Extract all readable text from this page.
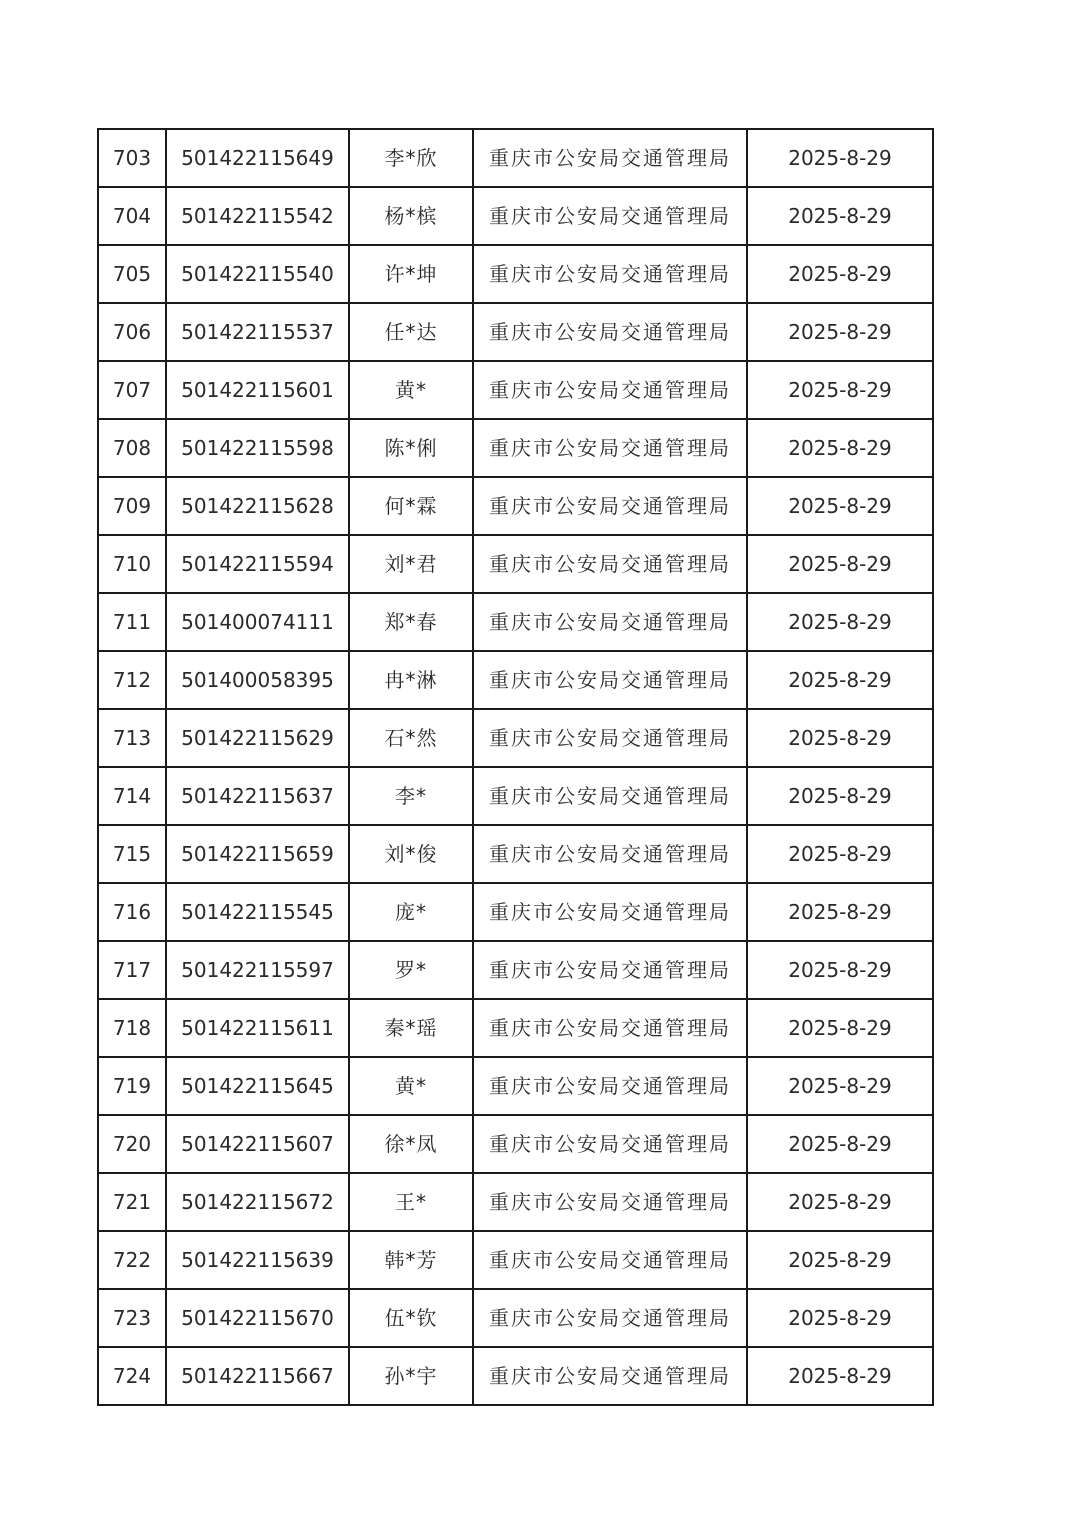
703	501422115649	李*欣	重庆市公安局交通管理局	2025-8-29
704	501422115542	杨*槟	重庆市公安局交通管理局	2025-8-29
705	501422115540	许*坤	重庆市公安局交通管理局	2025-8-29
706	501422115537	任*达	重庆市公安局交通管理局	2025-8-29
707	501422115601	黄*	重庆市公安局交通管理局	2025-8-29
708	501422115598	陈*俐	重庆市公安局交通管理局	2025-8-29
709	501422115628	何*霖	重庆市公安局交通管理局	2025-8-29
710	501422115594	刘*君	重庆市公安局交通管理局	2025-8-29
711	501400074111	郑*春	重庆市公安局交通管理局	2025-8-29
712	501400058395	冉*淋	重庆市公安局交通管理局	2025-8-29
713	501422115629	石*然	重庆市公安局交通管理局	2025-8-29
714	501422115637	李*	重庆市公安局交通管理局	2025-8-29
715	501422115659	刘*俊	重庆市公安局交通管理局	2025-8-29
716	501422115545	庞*	重庆市公安局交通管理局	2025-8-29
717	501422115597	罗*	重庆市公安局交通管理局	2025-8-29
718	501422115611	秦*瑶	重庆市公安局交通管理局	2025-8-29
719	501422115645	黄*	重庆市公安局交通管理局	2025-8-29
720	501422115607	徐*凤	重庆市公安局交通管理局	2025-8-29
721	501422115672	王*	重庆市公安局交通管理局	2025-8-29
722	501422115639	韩*芳	重庆市公安局交通管理局	2025-8-29
723	501422115670	伍*钦	重庆市公安局交通管理局	2025-8-29
724	501422115667	孙*宇	重庆市公安局交通管理局	2025-8-29
